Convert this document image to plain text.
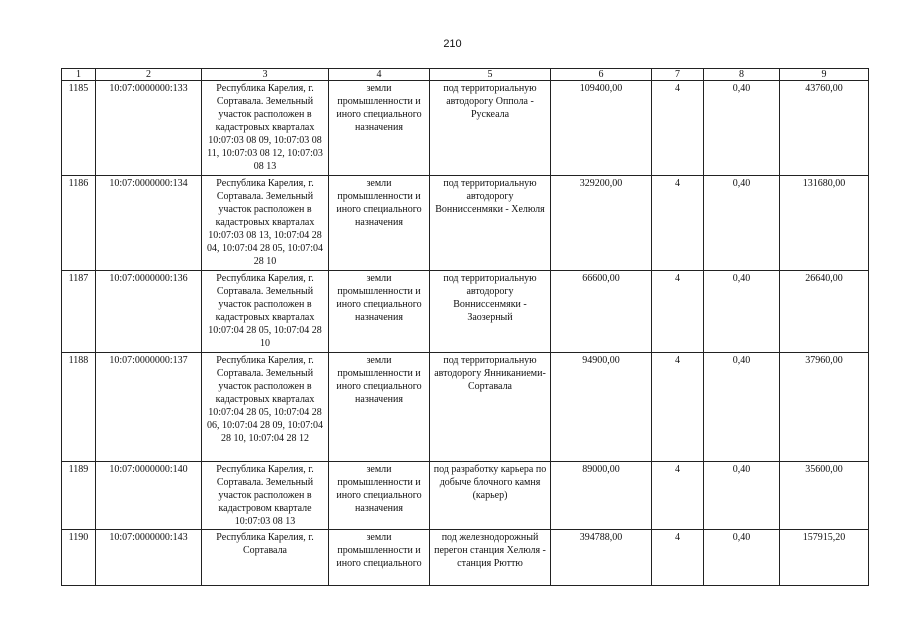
210
1	2	3	4	5	6	7	8	9
1185	10:07:0000000:133	Республика Карелия, г. Сортавала. Земельный участок расположен в кадастровых кварталах 10:07:03 08 09, 10:07:03 08 11, 10:07:03 08 12, 10:07:03 08 13	земли промышленности и иного специального назначения	под территориальную автодорогу Оппола - Рускеала	109400,00	4	0,40	43760,00
1186	10:07:0000000:134	Республика Карелия, г. Сортавала. Земельный участок расположен в кадастровых кварталах 10:07:03 08 13, 10:07:04 28 04, 10:07:04 28 05, 10:07:04 28 10	земли промышленности и иного специального назначения	под территориальную автодорогу Вонниссенмяки - Хелюля	329200,00	4	0,40	131680,00
1187	10:07:0000000:136	Республика Карелия, г. Сортавала. Земельный участок расположен в кадастровых кварталах 10:07:04 28 05, 10:07:04 28 10	земли промышленности и иного специального назначения	под территориальную автодорогу Вонниссенмяки - Заозерный	66600,00	4	0,40	26640,00
1188	10:07:0000000:137	Республика Карелия, г. Сортавала. Земельный участок расположен в кадастровых кварталах 10:07:04 28 05, 10:07:04 28 06, 10:07:04 28 09, 10:07:04 28 10, 10:07:04 28 12	земли промышленности и иного специального назначения	под территориальную автодорогу Янниканиеми- Сортавала	94900,00	4	0,40	37960,00
1189	10:07:0000000:140	Республика Карелия, г. Сортавала. Земельный участок расположен в кадастровом квартале 10:07:03 08 13	земли промышленности и иного специального назначения	под разработку карьера по добыче блочного камня (карьер)	89000,00	4	0,40	35600,00
1190	10:07:0000000:143	Республика Карелия, г. Сортавала	земли промышленности и иного специального	под железнодорожный перегон станция Хелюля - станция Рюттю	394788,00	4	0,40	157915,20
